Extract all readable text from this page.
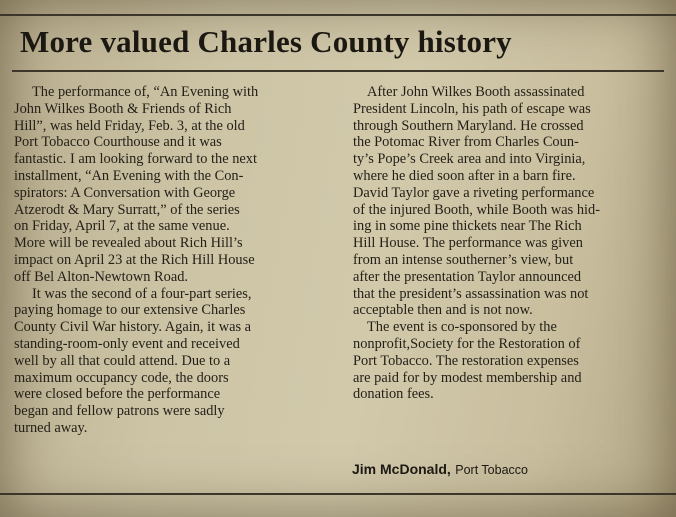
More valued Charles County history
The performance of, “An Evening with
John Wilkes Booth & Friends of Rich
Hill”, was held Friday, Feb. 3, at the old
Port Tobacco Courthouse and it was
fantastic. I am looking forward to the next
installment, “An Evening with the Con-
spirators: A Conversation with George
Atzerodt & Mary Surratt,” of the series
on Friday, April 7, at the same venue.
More will be revealed about Rich Hill’s
impact on April 23 at the Rich Hill House
off Bel Alton-Newtown Road.
It was the second of a four-part series,
paying homage to our extensive Charles
County Civil War history. Again, it was a
standing-room-only event and received
well by all that could attend. Due to a
maximum occupancy code, the doors
were closed before the performance
began and fellow patrons were sadly
turned away.
After John Wilkes Booth assassinated
President Lincoln, his path of escape was
through Southern Maryland. He crossed
the Potomac River from Charles Coun-
ty’s Pope’s Creek area and into Virginia,
where he died soon after in a barn fire.
David Taylor gave a riveting performance
of the injured Booth, while Booth was hid-
ing in some pine thickets near The Rich
Hill House. The performance was given
from an intense southerner’s view, but
after the presentation Taylor announced
that the president’s assassination was not
acceptable then and is not now.
The event is co-sponsored by the
nonprofit,Society for the Restoration of
Port Tobacco. The restoration expenses
are paid for by modest membership and
donation fees.
Jim McDonald, Port Tobacco
